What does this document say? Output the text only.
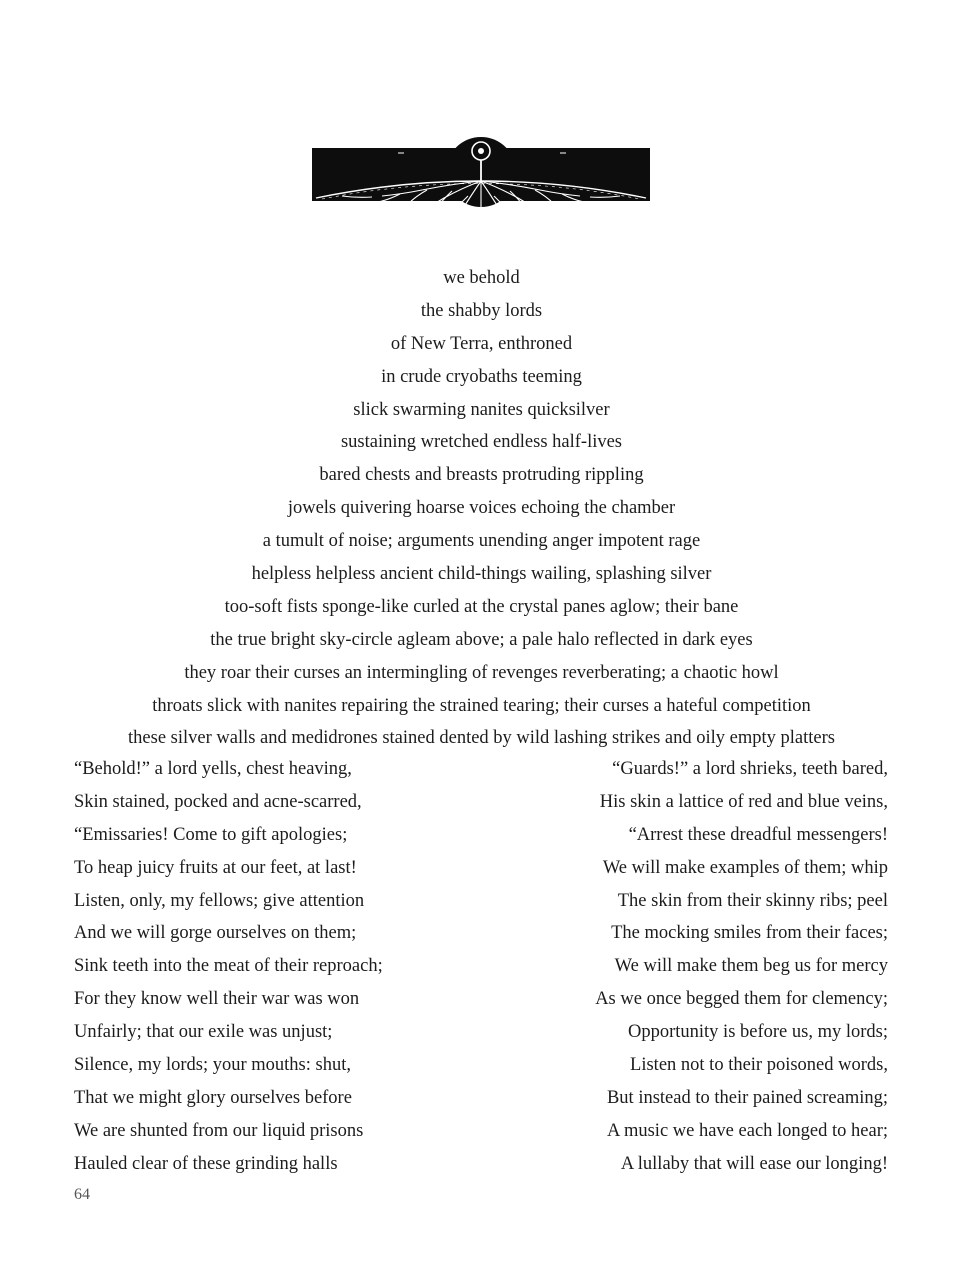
we behold
the shabby lords
of New Terra, enthroned
in crude cryobaths teeming
slick swarming nanites quicksilver
sustaining wretched endless half-lives
bared chests and breasts protruding rippling
jowels quivering hoarse voices echoing the chamber
a tumult of noise; arguments unending anger impotent rage
helpless helpless ancient child-things wailing, splashing silver
too-soft fists sponge-like curled at the crystal panes aglow; their bane
the true bright sky-circle agleam above; a pale halo reflected in dark eyes
they roar their curses an intermingling of revenges reverberating; a chaotic howl
throats slick with nanites repairing the strained tearing; their curses a hateful competition
these silver walls and medidrones stained dented by wild lashing strikes and oily empty platters
“Behold!” a lord yells, chest heaving,
Skin stained, pocked and acne-scarred,
“Emissaries! Come to gift apologies;
To heap juicy fruits at our feet, at last!
Listen, only, my fellows; give attention
And we will gorge ourselves on them;
Sink teeth into the meat of their reproach;
For they know well their war was won
Unfairly; that our exile was unjust;
Silence, my lords; your mouths: shut,
That we might glory ourselves before
We are shunted from our liquid prisons
Hauled clear of these grinding halls
“Guards!” a lord shrieks, teeth bared,
His skin a lattice of red and blue veins,
“Arrest these dreadful messengers!
We will make examples of them; whip
The skin from their skinny ribs; peel
The mocking smiles from their faces;
We will make them beg us for mercy
As we once begged them for clemency;
Opportunity is before us, my lords;
Listen not to their poisoned words,
But instead to their pained screaming;
A music we have each longed to hear;
A lullaby that will ease our longing!
64
